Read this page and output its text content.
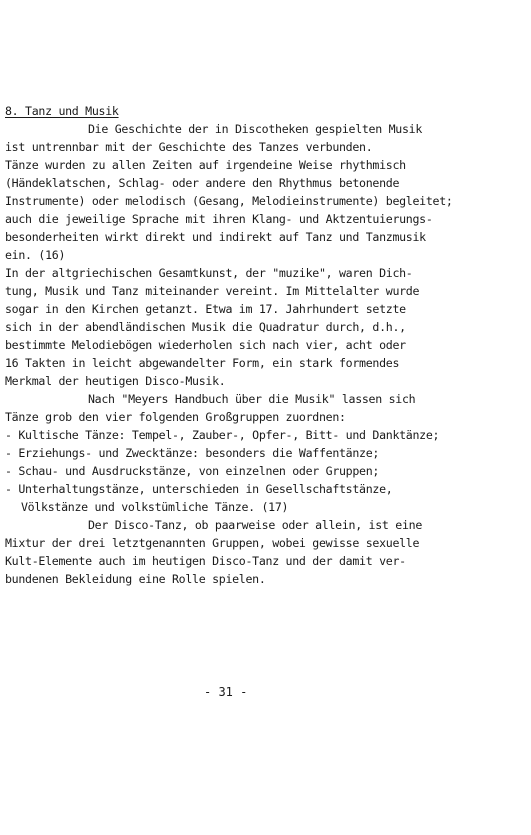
8. Tanz und Musik
Die Geschichte der in Discotheken gespielten Musik
ist untrennbar mit der Geschichte des Tanzes verbunden.
Tänze wurden zu allen Zeiten auf irgendeine Weise rhythmisch
(Händeklatschen, Schlag- oder andere den Rhythmus betonende
Instrumente) oder melodisch (Gesang, Melodieinstrumente) begleitet;
auch die jeweilige Sprache mit ihren Klang- und Aktzentuierungs-
besonderheiten wirkt direkt und indirekt auf Tanz und Tanzmusik
ein. (16)
In der altgriechischen Gesamtkunst, der "muzike", waren Dich-
tung, Musik und Tanz miteinander vereint. Im Mittelalter wurde
sogar in den Kirchen getanzt. Etwa im 17. Jahrhundert setzte
sich in der abendländischen Musik die Quadratur durch, d.h.,
bestimmte Melodiebögen wiederholen sich nach vier, acht oder
16 Takten in leicht abgewandelter Form, ein stark formendes
Merkmal der heutigen Disco-Musik.
Nach "Meyers Handbuch über die Musik" lassen sich
Tänze grob den vier folgenden Großgruppen zuordnen:
- Kultische Tänze: Tempel-, Zauber-, Opfer-, Bitt- und Danktänze;
- Erziehungs- und Zwecktänze: besonders die Waffentänze;
- Schau- und Ausdruckstänze, von einzelnen oder Gruppen;
- Unterhaltungstänze, unterschieden in Gesellschaftstänze,
Völkstänze und volkstümliche Tänze. (17)
Der Disco-Tanz, ob paarweise oder allein, ist eine
Mixtur der drei letztgenannten Gruppen, wobei gewisse sexuelle
Kult-Elemente auch im heutigen Disco-Tanz und der damit ver-
bundenen Bekleidung eine Rolle spielen.
- 31 -
